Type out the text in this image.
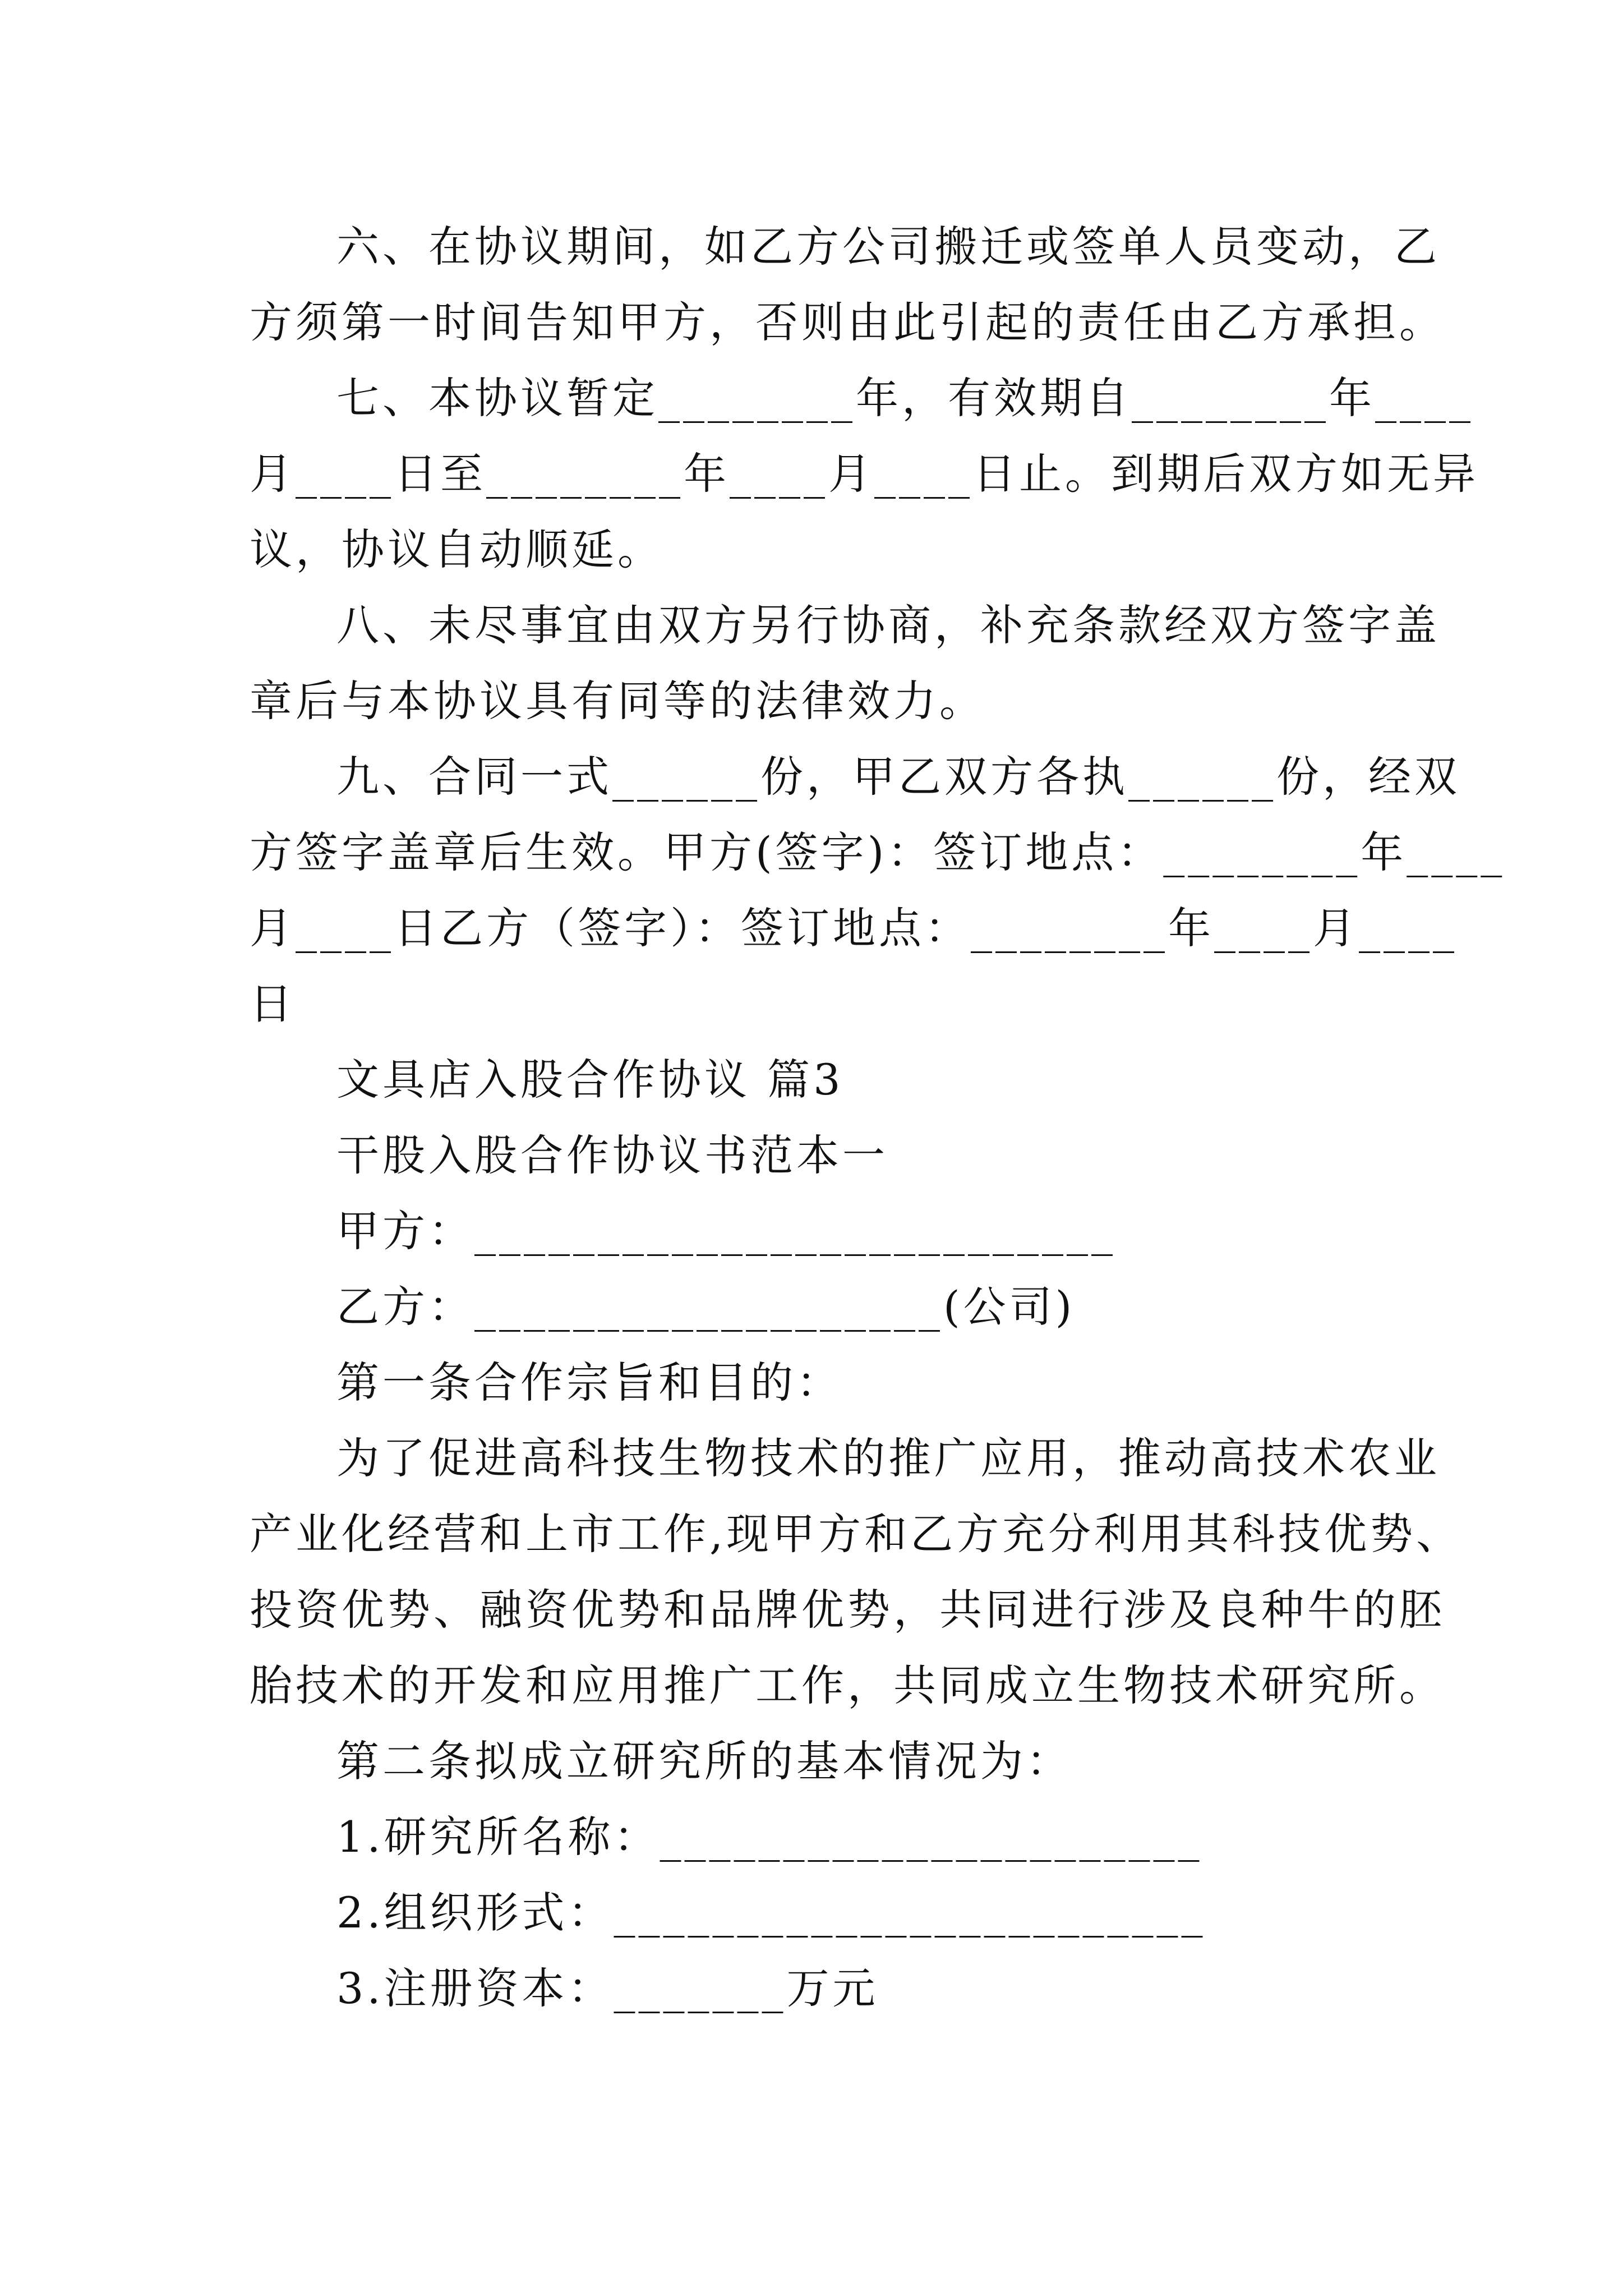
六、在协议期间，如乙方公司搬迁或签单人员变动，乙
方须第一时间告知甲方，否则由此引起的责任由乙方承担。
七、本协议暂定________年，有效期自________年____
月____日至________年____月____日止。到期后双方如无异
议，协议自动顺延。
八、未尽事宜由双方另行协商，补充条款经双方签字盖
章后与本协议具有同等的法律效力。
九、合同一式______份，甲乙双方各执______份，经双
方签字盖章后生效。甲方(签字)：签订地点：________年____
月____日乙方（签字）：签订地点：________年____月____
日
文具店入股合作协议 篇3
干股入股合作协议书范本一
甲方：__________________________
乙方：___________________(公司)
第一条合作宗旨和目的：
为了促进高科技生物技术的推广应用，推动高技术农业
产业化经营和上市工作,现甲方和乙方充分利用其科技优势、
投资优势、融资优势和品牌优势，共同进行涉及良种牛的胚
胎技术的开发和应用推广工作，共同成立生物技术研究所。
第二条拟成立研究所的基本情况为：
1.研究所名称：______________________
2.组织形式：________________________
3.注册资本：_______万元
